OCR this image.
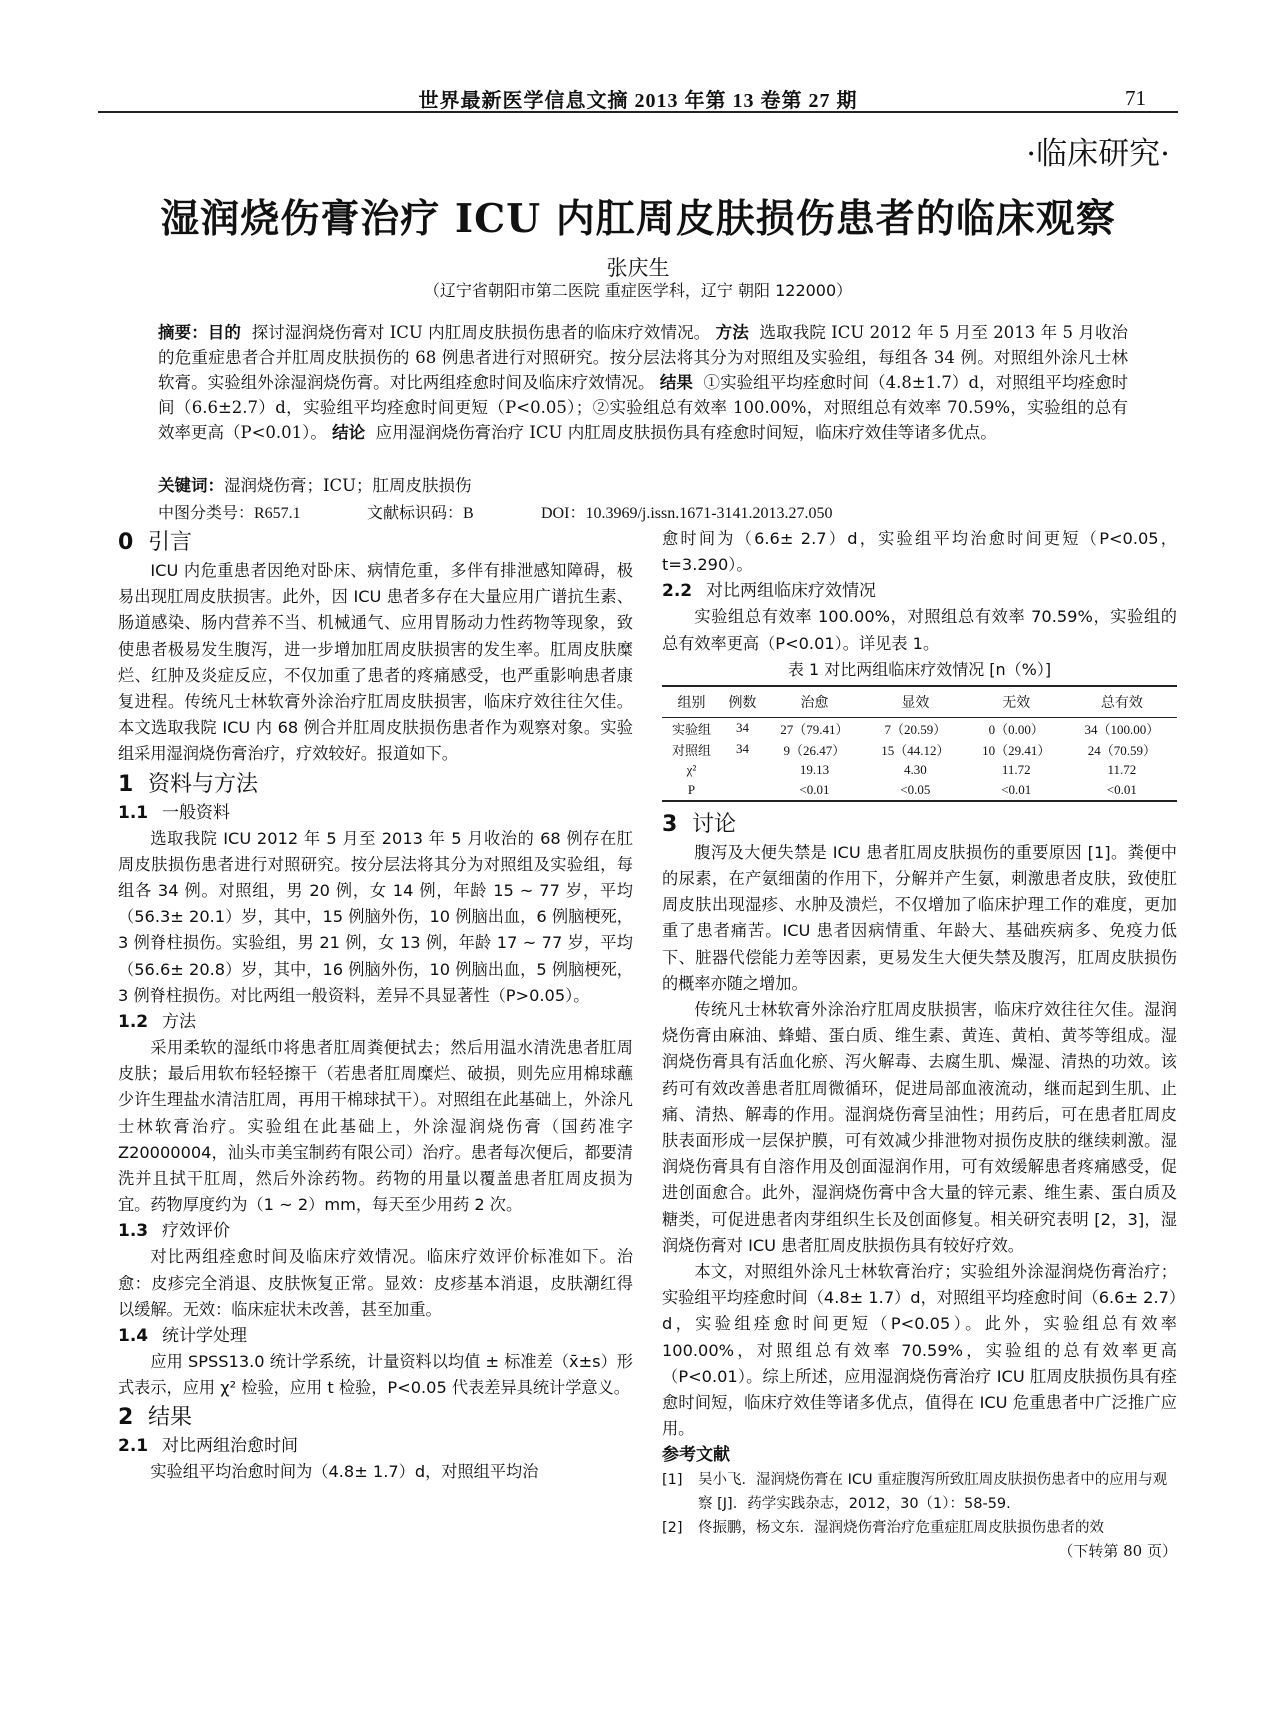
世界最新医学信息文摘 2013 年第 13 卷第 27 期	71
·临床研究·
湿润烧伤膏治疗 ICU 内肛周皮肤损伤患者的临床观察
张庆生
（辽宁省朝阳市第二医院 重症医学科，辽宁 朝阳 122000）
摘要：目的 探讨湿润烧伤膏对 ICU 内肛周皮肤损伤患者的临床疗效情况。 方法 选取我院 ICU 2012 年 5 月至 2013 年 5 月收治的危重症患者合并肛周皮肤损伤的 68 例患者进行对照研究。按分层法将其分为对照组及实验组，每组各 34 例。对照组外涂凡士林软膏。实验组外涂湿润烧伤膏。对比两组痊愈时间及临床疗效情况。 结果 ①实验组平均痊愈时间（4.8±1.7）d，对照组平均痊愈时间（6.6±2.7）d，实验组平均痊愈时间更短（P<0.05）；②实验组总有效率 100.00%，对照组总有效率 70.59%，实验组的总有效率更高（P<0.01）。 结论 应用湿润烧伤膏治疗 ICU 内肛周皮肤损伤具有痊愈时间短，临床疗效佳等诸多优点。
关键词：湿润烧伤膏；ICU；肛周皮肤损伤
中图分类号：R657.1	文献标识码：B	DOI：10.3969/j.issn.1671-3141.2013.27.050
0 引言

ICU 内危重患者因绝对卧床、病情危重，多伴有排泄感知障碍，极易出现肛周皮肤损害。此外，因 ICU 患者多存在大量应用广谱抗生素、肠道感染、肠内营养不当、机械通气、应用胃肠动力性药物等现象，致使患者极易发生腹泻，进一步增加肛周皮肤损害的发生率。肛周皮肤糜烂、红肿及炎症反应，不仅加重了患者的疼痛感受，也严重影响患者康复进程。传统凡士林软膏外涂治疗肛周皮肤损害，临床疗效往往欠佳。本文选取我院 ICU 内 68 例合并肛周皮肤损伤患者作为观察对象。实验组采用湿润烧伤膏治疗，疗效较好。报道如下。

1 资料与方法
1.1 一般资料

选取我院 ICU 2012 年 5 月至 2013 年 5 月收治的 68 例存在肛周皮肤损伤患者进行对照研究。按分层法将其分为对照组及实验组，每组各 34 例。对照组，男 20 例，女 14 例，年龄 15 ~ 77 岁，平均（56.3± 20.1）岁，其中，15 例脑外伤，10 例脑出血，6 例脑梗死，3 例脊柱损伤。实验组，男 21 例，女 13 例，年龄 17 ~ 77 岁，平均（56.6± 20.8）岁，其中，16 例脑外伤，10 例脑出血，5 例脑梗死，3 例脊柱损伤。对比两组一般资料，差异不具显著性（P>0.05）。

1.2 方法

采用柔软的湿纸巾将患者肛周粪便拭去；然后用温水清洗患者肛周皮肤；最后用软布轻轻擦干（若患者肛周糜烂、破损，则先应用棉球蘸少许生理盐水清洁肛周，再用干棉球拭干）。对照组在此基础上，外涂凡士林软膏治疗。实验组在此基础上，外涂湿润烧伤膏（国药准字 Z20000004，汕头市美宝制药有限公司）治疗。患者每次便后，都要清洗并且拭干肛周，然后外涂药物。药物的用量以覆盖患者肛周皮损为宜。药物厚度约为（1 ~ 2）mm，每天至少用药 2 次。

1.3 疗效评价

对比两组痊愈时间及临床疗效情况。临床疗效评价标准如下。治愈：皮疹完全消退、皮肤恢复正常。显效：皮疹基本消退，皮肤潮红得以缓解。无效：临床症状未改善，甚至加重。

1.4 统计学处理

应用 SPSS13.0 统计学系统，计量资料以均值 ± 标准差（x̄±s）形式表示，应用 χ² 检验，应用 t 检验，P<0.05 代表差异具统计学意义。

2 结果
2.1 对比两组治愈时间

实验组平均治愈时间为（4.8± 1.7）d，对照组平均治

愈时间为（6.6± 2.7）d，实验组平均治愈时间更短（P<0.05，t=3.290）。

2.2 对比两组临床疗效情况

实验组总有效率 100.00%，对照组总有效率 70.59%，实验组的总有效率更高（P<0.01）。详见表 1。

表 1 对比两组临床疗效情况 [n（%）]
组别	例数	治愈	显效	无效	总有效
实验组	34	27（79.41）	7（20.59）	0（0.00）	34（100.00）
对照组	34	9（26.47）	15（44.12）	10（29.41）	24（70.59）
χ²		19.13	4.30	11.72	11.72
P		<0.01	<0.05	<0.01	<0.01
3 讨论

腹泻及大便失禁是 ICU 患者肛周皮肤损伤的重要原因 [1]。粪便中的尿素，在产氨细菌的作用下，分解并产生氨，刺激患者皮肤，致使肛周皮肤出现湿疹、水肿及溃烂，不仅增加了临床护理工作的难度，更加重了患者痛苦。ICU 患者因病情重、年龄大、基础疾病多、免疫力低下、脏器代偿能力差等因素，更易发生大便失禁及腹泻，肛周皮肤损伤的概率亦随之增加。

传统凡士林软膏外涂治疗肛周皮肤损害，临床疗效往往欠佳。湿润烧伤膏由麻油、蜂蜡、蛋白质、维生素、黄连、黄柏、黄芩等组成。湿润烧伤膏具有活血化瘀、泻火解毒、去腐生肌、燥湿、清热的功效。该药可有效改善患者肛周微循环，促进局部血液流动，继而起到生肌、止痛、清热、解毒的作用。湿润烧伤膏呈油性；用药后，可在患者肛周皮肤表面形成一层保护膜，可有效减少排泄物对损伤皮肤的继续刺激。湿润烧伤膏具有自溶作用及创面湿润作用，可有效缓解患者疼痛感受，促进创面愈合。此外，湿润烧伤膏中含大量的锌元素、维生素、蛋白质及糖类，可促进患者肉芽组织生长及创面修复。相关研究表明 [2，3]，湿润烧伤膏对 ICU 患者肛周皮肤损伤具有较好疗效。

本文，对照组外涂凡士林软膏治疗；实验组外涂湿润烧伤膏治疗；实验组平均痊愈时间（4.8± 1.7）d，对照组平均痊愈时间（6.6± 2.7）d，实验组痊愈时间更短（P<0.05）。此外，实验组总有效率 100.00%，对照组总有效率 70.59%，实验组的总有效率更高（P<0.01）。综上所述，应用湿润烧伤膏治疗 ICU 肛周皮肤损伤具有痊愈时间短，临床疗效佳等诸多优点，值得在 ICU 危重患者中广泛推广应用。

参考文献
[1]	吴小飞．湿润烧伤膏在 ICU 重症腹泻所致肛周皮肤损伤患者中的应用与观察 [J]．药学实践杂志，2012，30（1）：58-59.
[2]	佟振鹏，杨文东．湿润烧伤膏治疗危重症肛周皮肤损伤患者的效
（下转第 80 页）
